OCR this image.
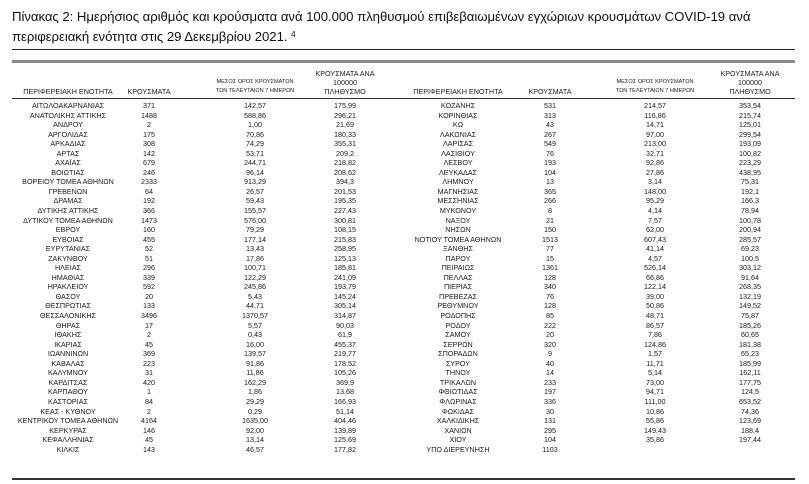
Πίνακας 2: Ημερήσιος αριθμός και κρούσματα ανά 100.000 πληθυσμού επιβεβαιωμένων εγχώριων κρουσμάτων COVID-19 ανά περιφερειακή ενότητα στις 29 Δεκεμβρίου 2021. $^4$
ΠΕΡΙΦΕΡΕΙΑΚΗ ΕΝΟΤΗΤΑ	ΚΡΟΥΣΜΑΤΑ
ΜΕΣΟΣ ΟΡΟΣ ΚΡΟΥΣΜΑΤΩΝ
ΤΩΝ ΤΕΛΕΥΤΑΙΩΝ 7 ΗΜΕΡΩΝ
ΚΡΟΥΣΜΑΤΑ ΑΝΑ 100000
ΠΛΗΘΥΣΜΟ	ΠΕΡΙΦΕΡΕΙΑΚΗ ΕΝΟΤΗΤΑ	ΚΡΟΥΣΜΑΤΑ
ΜΕΣΟΣ ΟΡΟΣ ΚΡΟΥΣΜΑΤΩΝ
ΤΩΝ ΤΕΛΕΥΤΑΙΩΝ 7 ΗΜΕΡΩΝ
ΚΡΟΥΣΜΑΤΑ ΑΝΑ 100000
ΠΛΗΘΥΣΜΟ
ΑΙΤΩΛΟΑΚΑΡΝΑΝΙΑΣ	371	142,57	175,99	ΚΟΖΑΝΗΣ	531	214,57	353,54
ΑΝΑΤΟΛΙΚΗΣ ΑΤΤΙΚΗΣ	1488	588,86	296,21	ΚΟΡΙΝΘΙΑΣ	313	116,86	215,74
ΑΝΔΡΟΥ	2	1,00	21,69	ΚΩ	43	14,71	125,01
ΑΡΓΟΛΙΔΑΣ	175	70,86	180,33	ΛΑΚΩΝΙΑΣ	267	97,00	299,54
ΑΡΚΑΔΙΑΣ	308	74,29	355,31	ΛΑΡΙΣΑΣ	549	213,00	193,09
ΑΡΤΑΣ	142	53,71	209,2	ΛΑΣΙΘΙΟΥ	76	32,71	100,82
ΑΧΑΪΑΣ	679	244,71	218,82	ΛΕΣΒΟΥ	193	92,86	223,29
ΒΟΙΩΤΙΑΣ	246	96,14	208,62	ΛΕΥΚΑΔΑΣ	104	27,86	438,95
ΒΟΡΕΙΟΥ ΤΟΜΕΑ ΑΘΗΝΩΝ	2333	913,29	394,3	ΛΗΜΝΟΥ	13	3,14	75,31
ΓΡΕΒΕΝΩΝ	64	26,57	201,53	ΜΑΓΝΗΣΙΑΣ	365	148,00	192,1
ΔΡΑΜΑΣ	192	59,43	195,35	ΜΕΣΣΗΝΙΑΣ	266	95,29	166,3
ΔΥΤΙΚΗΣ ΑΤΤΙΚΗΣ	366	155,57	227,43	ΜΥΚΟΝΟΥ	8	4,14	78,94
ΔΥΤΙΚΟΥ ΤΟΜΕΑ ΑΘΗΝΩΝ	1473	576,00	300,81	ΝΑΞΟΥ	21	7,57	100,78
ΕΒΡΟΥ	160	79,29	108,15	ΝΗΣΩΝ	150	62,00	200,94
ΕΥΒΟΙΑΣ	455	177,14	215,83	ΝΟΤΙΟΥ ΤΟΜΕΑ ΑΘΗΝΩΝ	1513	607,43	285,57
ΕΥΡΥΤΑΝΙΑΣ	52	13,43	258,95	ΞΑΝΘΗΣ	77	41,14	69,23
ΖΑΚΥΝΘΟΥ	51	17,86	125,13	ΠΑΡΟΥ	15	4,57	100,5
ΗΛΕΙΑΣ	296	100,71	185,81	ΠΕΙΡΑΙΩΣ	1361	526,14	303,12
ΗΜΑΘΙΑΣ	339	122,29	241,09	ΠΕΛΛΑΣ	128	66,86	91,64
ΗΡΑΚΛΕΙΟΥ	592	245,86	193,79	ΠΙΕΡΙΑΣ	340	122,14	268,35
ΘΑΣΟΥ	20	5,43	145,24	ΠΡΕΒΕΖΑΣ	76	39,00	132,19
ΘΕΣΠΡΩΤΙΑΣ	133	44,71	305,14	ΡΕΘΥΜΝΟΥ	128	50,86	149,52
ΘΕΣΣΑΛΟΝΙΚΗΣ	3496	1370,57	314,87	ΡΟΔΟΠΗΣ	85	48,71	75,87
ΘΗΡΑΣ	17	5,57	90,03	ΡΟΔΟΥ	222	86,57	185,26
ΙΘΑΚΗΣ	2	0,43	61,9	ΣΑΜΟΥ	20	7,86	60,65
ΙΚΑΡΙΑΣ	45	16,00	455,37	ΣΕΡΡΩΝ	320	124,86	181,38
ΙΩΑΝΝΙΝΩΝ	369	139,57	219,77	ΣΠΟΡΑΔΩΝ	9	1,57	65,23
ΚΑΒΑΛΑΣ	223	91,86	178,52	ΣΥΡΟΥ	40	11,71	185,99
ΚΑΛΥΜΝΟΥ	31	11,86	105,26	ΤΗΝΟΥ	14	5,14	162,11
ΚΑΡΔΙΤΣΑΣ	420	162,29	369,9	ΤΡΙΚΑΛΩΝ	233	73,00	177,75
ΚΑΡΠΑΘΟΥ	1	1,86	13,68	ΦΘΙΩΤΙΔΑΣ	197	94,71	124,5
ΚΑΣΤΟΡΙΑΣ	84	29,29	166,93	ΦΛΩΡΙΝΑΣ	336	111,00	653,52
ΚΕΑΣ - ΚΥΘΝΟΥ	2	0,29	51,14	ΦΩΚΙΔΑΣ	30	10,86	74,36
ΚΕΝΤΡΙΚΟΥ ΤΟΜΕΑ ΑΘΗΝΩΝ	4164	1635,00	404,46	ΧΑΛΚΙΔΙΚΗΣ	131	55,86	123,69
ΚΕΡΚΥΡΑΣ	146	92,00	139,89	ΧΑΝΙΩΝ	295	149,43	188,4
ΚΕΦΑΛΛΗΝΙΑΣ	45	13,14	125,69	ΧΙΟΥ	104	35,86	197,44
ΚΙΛΚΙΣ	143	46,57	177,82	ΥΠΟ ΔΙΕΡΕΥΝΗΣΗ	1103
